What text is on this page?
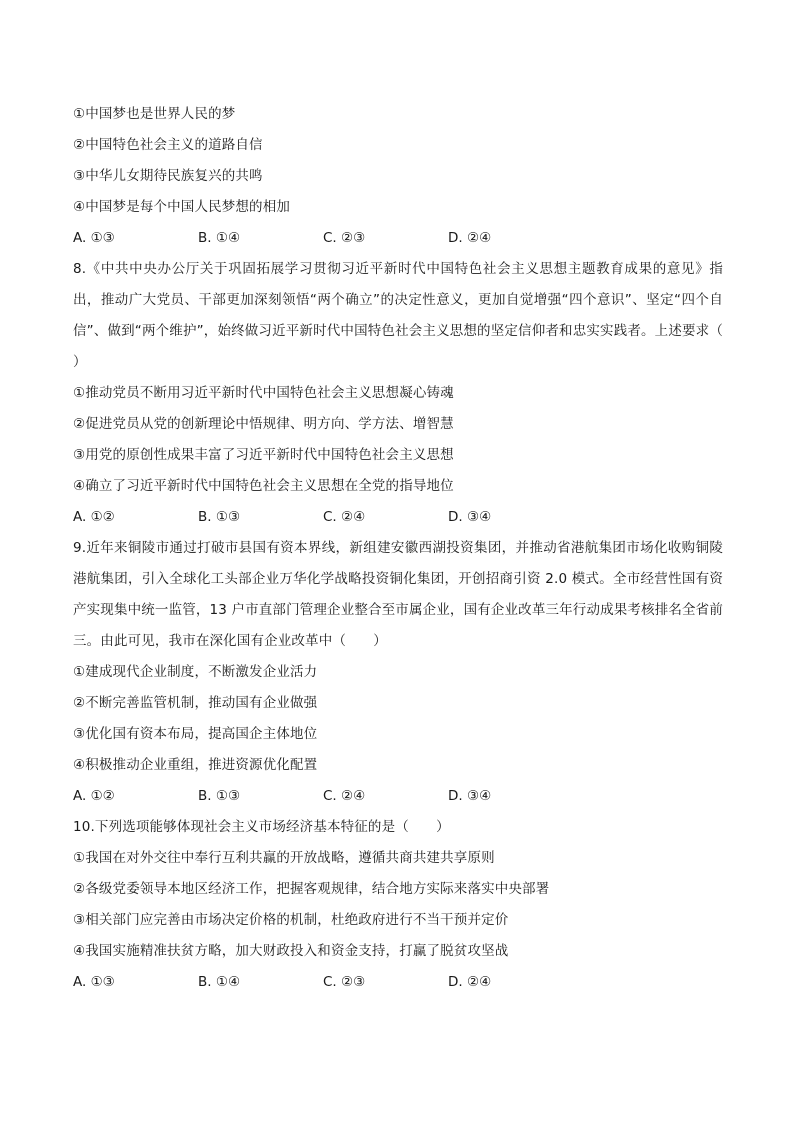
①中国梦也是世界人民的梦
②中国特色社会主义的道路自信
③中华儿女期待民族复兴的共鸣
④中国梦是每个中国人民梦想的相加
A. ①③	B. ①④	C. ②③	D. ②④
8.《中共中央办公厅关于巩固拓展学习贯彻习近平新时代中国特色社会主义思想主题教育成果的意见》指出，推动广大党员、干部更加深刻领悟“两个确立”的决定性意义，更加自觉增强“四个意识”、坚定“四个自信”、做到“两个维护”，始终做习近平新时代中国特色社会主义思想的坚定信仰者和忠实实践者。上述要求（　　）
①推动党员不断用习近平新时代中国特色社会主义思想凝心铸魂
②促进党员从党的创新理论中悟规律、明方向、学方法、增智慧
③用党的原创性成果丰富了习近平新时代中国特色社会主义思想
④确立了习近平新时代中国特色社会主义思想在全党的指导地位
A. ①②	B. ①③	C. ②④	D. ③④
9.近年来铜陵市通过打破市县国有资本界线，新组建安徽西湖投资集团，并推动省港航集团市场化收购铜陵港航集团，引入全球化工头部企业万华化学战略投资铜化集团，开创招商引资 2.0 模式。全市经营性国有资产实现集中统一监管，13 户市直部门管理企业整合至市属企业，国有企业改革三年行动成果考核排名全省前三。由此可见，我市在深化国有企业改革中（　　）
①建成现代企业制度，不断激发企业活力
②不断完善监管机制，推动国有企业做强
③优化国有资本布局，提高国企主体地位
④积极推动企业重组，推进资源优化配置
A. ①②	B. ①③	C. ②④	D. ③④
10.下列选项能够体现社会主义市场经济基本特征的是（　　）
①我国在对外交往中奉行互利共赢的开放战略，遵循共商共建共享原则
②各级党委领导本地区经济工作，把握客观规律，结合地方实际来落实中央部署
③相关部门应完善由市场决定价格的机制，杜绝政府进行不当干预并定价
④我国实施精准扶贫方略，加大财政投入和资金支持，打赢了脱贫攻坚战
A. ①③	B. ①④	C. ②③	D. ②④
